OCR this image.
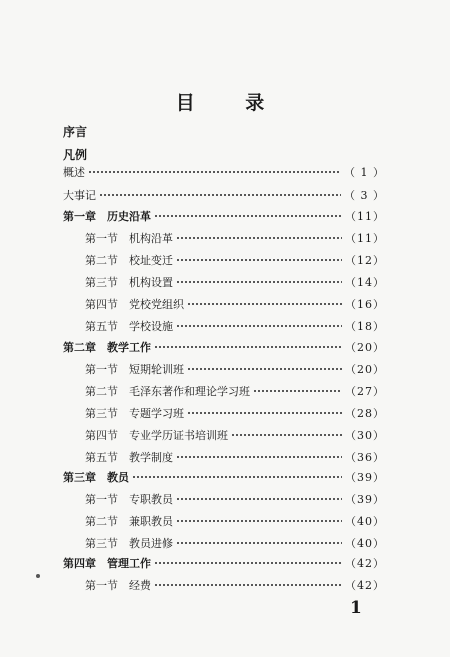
目 录
序言
凡例
概述	（ 1 ）
大事记	（ 3 ）
第一章　历史沿革	（11）
第一节　机构沿革	（11）
第二节　校址变迁	（12）
第三节　机构设置	（14）
第四节　党校党组织	（16）
第五节　学校设施	（18）
第二章　教学工作	（20）
第一节　短期轮训班	（20）
第二节　毛泽东著作和理论学习班	（27）
第三节　专题学习班	（28）
第四节　专业学历证书培训班	（30）
第五节　教学制度	（36）
第三章　教员	（39）
第一节　专职教员	（39）
第二节　兼职教员	（40）
第三节　教员进修	（40）
第四章　管理工作	（42）
第一节　经费	（42）
1
